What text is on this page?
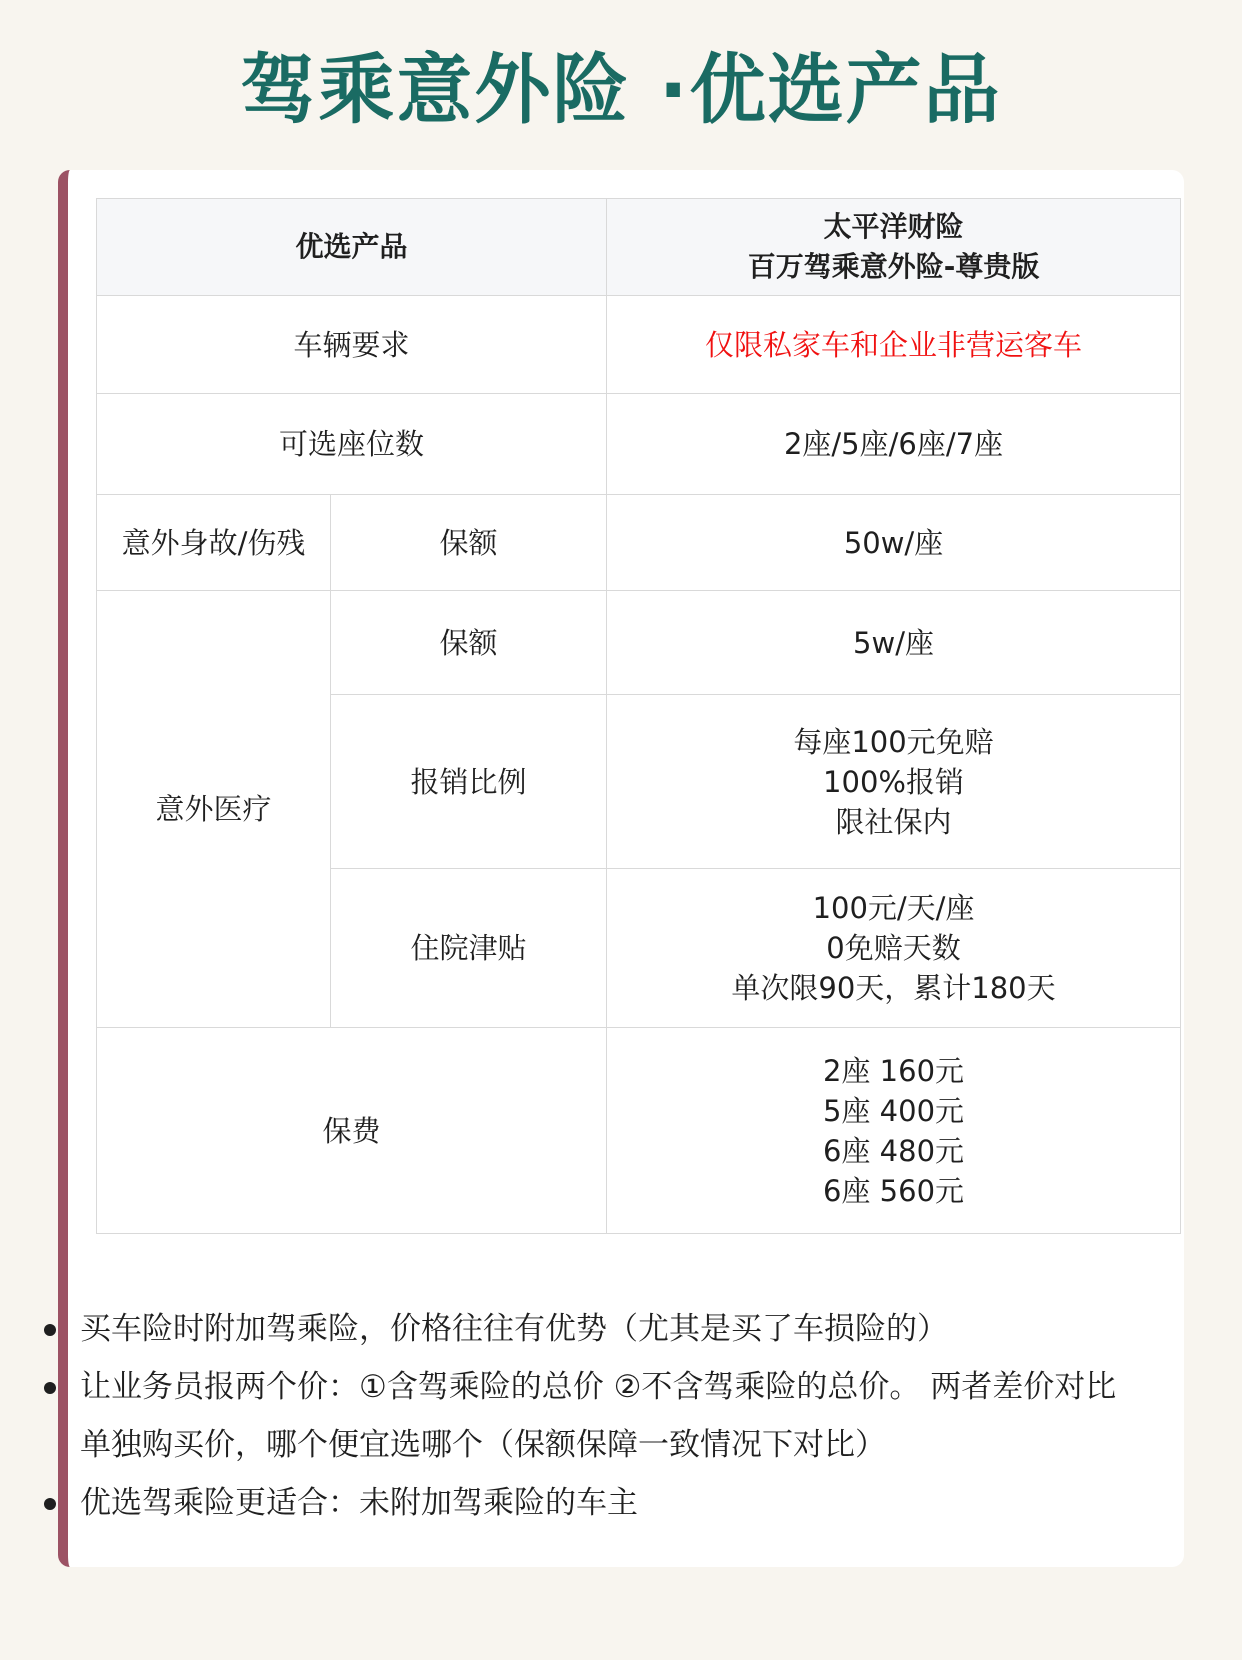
驾乘意外险 ·优选产品
优选产品		太平洋财险
百万驾乘意外险-尊贵版

车辆要求		仅限私家车和企业非营运客车
可选座位数		2座/5座/6座/7座
意外身故/伤残	保额	50w/座
意外医疗	保额	5w/座
	报销比例	每座100元免赔
100%报销
限社保内

	住院津贴	100元/天/座
0免赔天数
单次限90天，累计180天

保费		2座 160元
5座 400元
6座 480元
6座 560元
买车险时附加驾乘险，价格往往有优势（尤其是买了车损险的）
让业务员报两个价：①含驾乘险的总价 ②不含驾乘险的总价。 两者差价对比单独购买价，哪个便宜选哪个（保额保障一致情况下对比）
优选驾乘险更适合：未附加驾乘险的车主
